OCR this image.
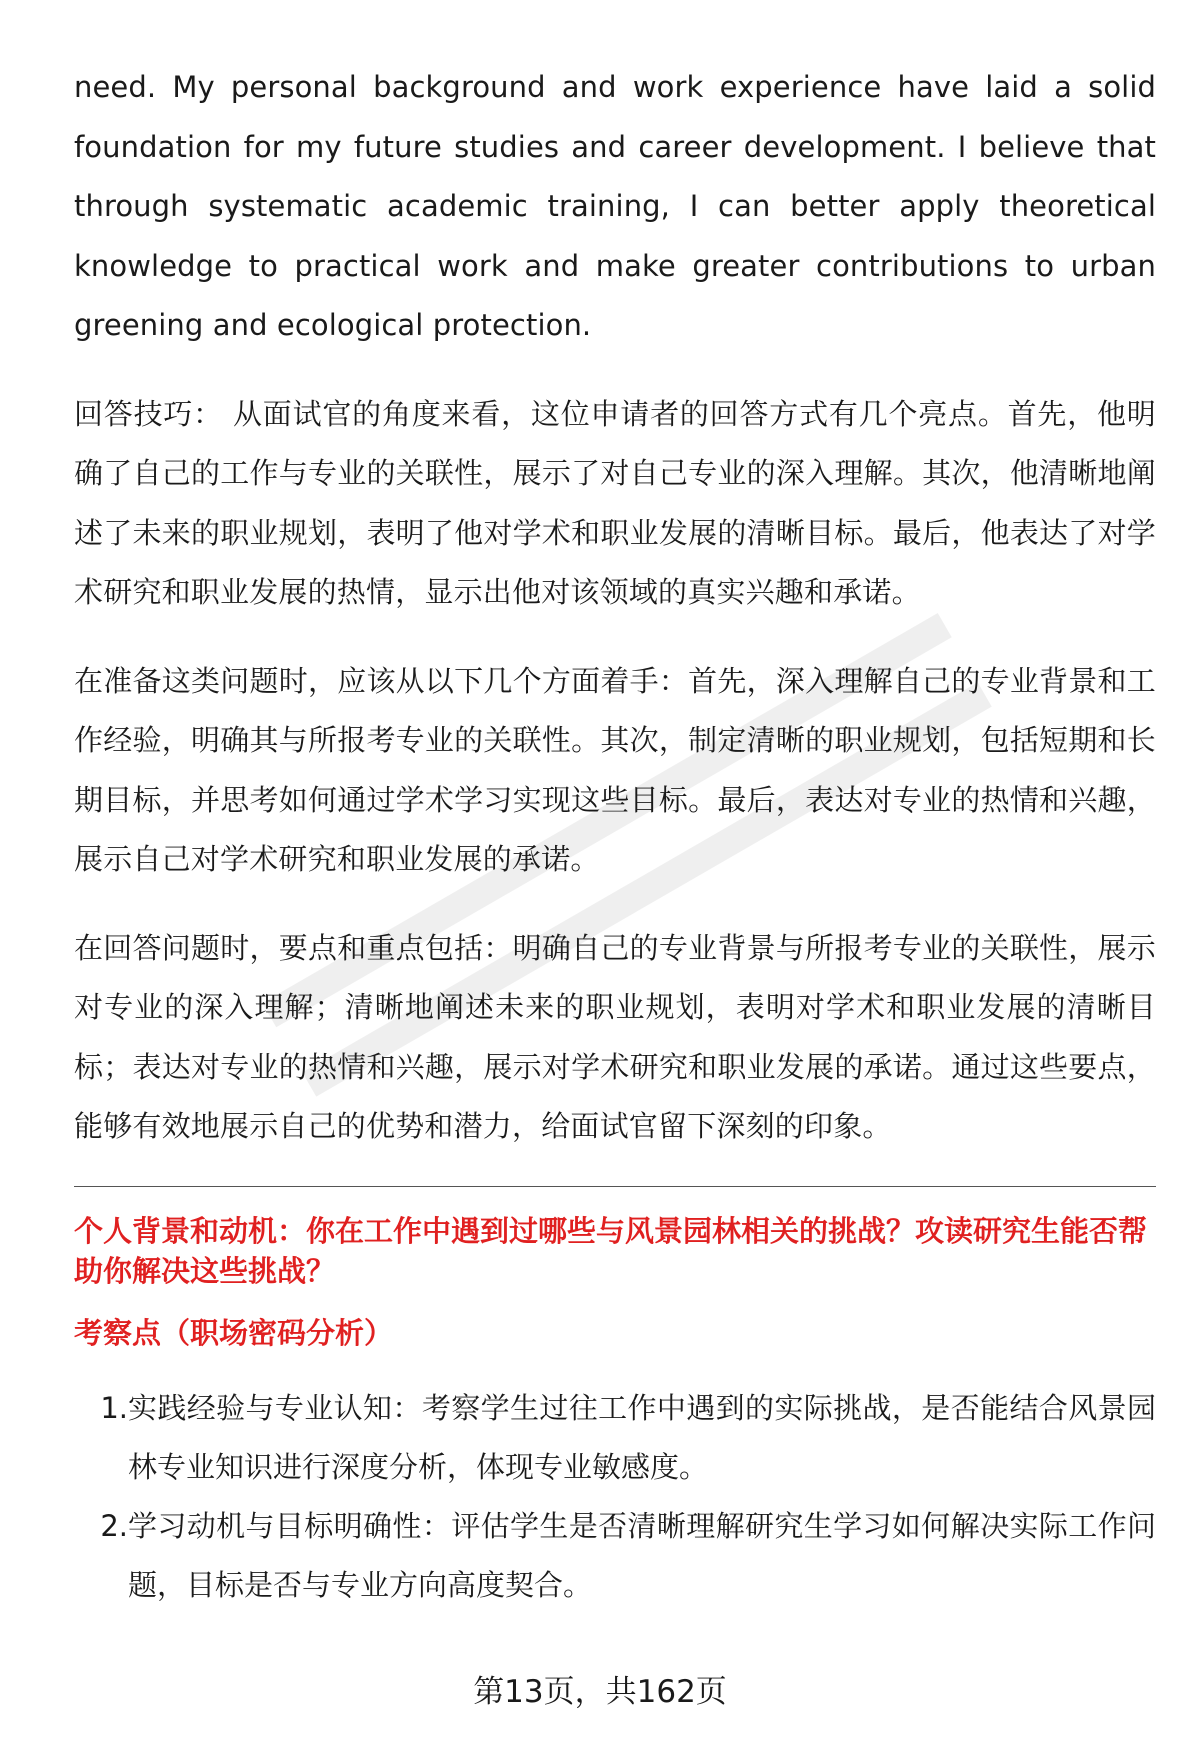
need. My personal background and work experience have laid a solid foundation for my future studies and career development. I believe that through systematic academic training, I can better apply theoretical knowledge to practical work and make greater contributions to urban greening and ecological protection.

回答技巧： 从面试官的角度来看，这位申请者的回答方式有几个亮点。首先，他明确了自己的工作与专业的关联性，展示了对自己专业的深入理解。其次，他清晰地阐述了未来的职业规划，表明了他对学术和职业发展的清晰目标。最后，他表达了对学术研究和职业发展的热情，显示出他对该领域的真实兴趣和承诺。

在准备这类问题时，应该从以下几个方面着手：首先，深入理解自己的专业背景和工作经验，明确其与所报考专业的关联性。其次，制定清晰的职业规划，包括短期和长期目标，并思考如何通过学术学习实现这些目标。最后，表达对专业的热情和兴趣，展示自己对学术研究和职业发展的承诺。

在回答问题时，要点和重点包括：明确自己的专业背景与所报考专业的关联性，展示对专业的深入理解；清晰地阐述未来的职业规划，表明对学术和职业发展的清晰目标；表达对专业的热情和兴趣，展示对学术研究和职业发展的承诺。通过这些要点，能够有效地展示自己的优势和潜力，给面试官留下深刻的印象。

个人背景和动机：你在工作中遇到过哪些与风景园林相关的挑战？攻读研究生能否帮助你解决这些挑战？
考察点（职场密码分析）
1. 实践经验与专业认知：考察学生过往工作中遇到的实际挑战，是否能结合风景园林专业知识进行深度分析，体现专业敏感度。
2. 学习动机与目标明确性：评估学生是否清晰理解研究生学习如何解决实际工作问题，目标是否与专业方向高度契合。
第13页，共162页
